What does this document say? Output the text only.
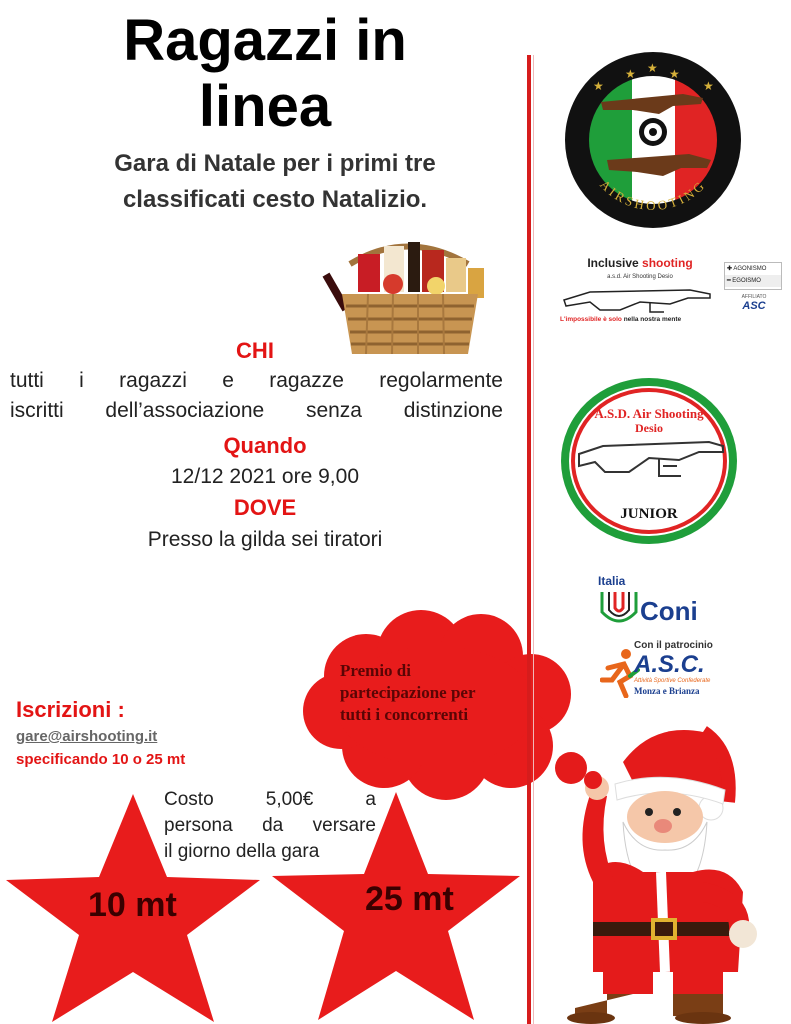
Ragazzi in
linea
Gara di Natale per i primi tre
classificati cesto Natalizio.
CHI
tutti i ragazzi e ragazze regolarmente
iscritti dell’associazione senza distinzione
Quando
12/12 2021 ore 9,00
DOVE
Presso la gilda sei tiratori
Iscrizioni :
gare@airshooting.it
specificando 10 o 25 mt
Premio di
partecipazione per
tutti i concorrenti
Costo 5,00€ a
persona da versare
il giorno della gara
10 mt	25 mt
★ ★ ★
★	★
AIRSHOOTING
Inclusive shooting
a.s.d. Air Shooting Desio
L'impossibile è solo nella nostra mente
✚ AGONISMO
━ EGOISMO
AFFILIATO
ASC
A.S.D. Air Shooting
Desio
JUNIOR
Italia
Coni
Con il patrocinio
A.S.C.
Attività Sportive Confederate
Monza e Brianza
